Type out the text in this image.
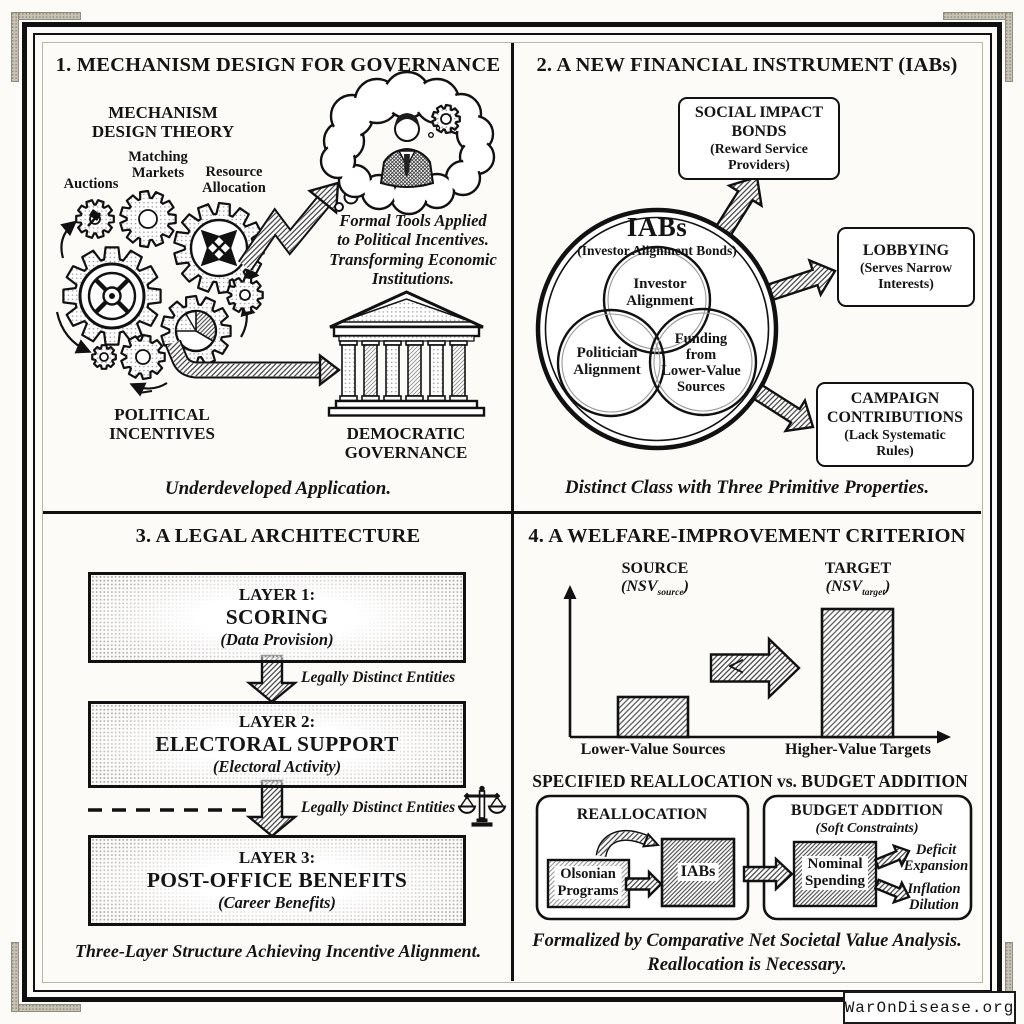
1. MECHANISM DESIGN FOR GOVERNANCE
MECHANISM
DESIGN THEORY
Matching
Markets
Auctions
Resource
Allocation
Formal Tools Applied
to Political Incentives.
Transforming Economic
Institutions.
POLITICAL
INCENTIVES	DEMOCRATIC
GOVERNANCE
Underdeveloped Application.
2. A NEW FINANCIAL INSTRUMENT (IABs)
SOCIAL IMPACT
BONDS
(Reward Service
Providers)
IABs
(Investor Alignment Bonds)
Investor
Alignment
Politician
Alignment
Funding
from
Lower-Value
Sources
LOBBYING
(Serves Narrow
Interests)
CAMPAIGN
CONTRIBUTIONS
(Lack Systematic
Rules)
Distinct Class with Three Primitive Properties.
3. A LEGAL ARCHITECTURE
LAYER 1:
SCORING
(Data Provision)
Legally Distinct Entities
LAYER 2:
ELECTORAL SUPPORT
(Electoral Activity)
Legally Distinct Entities
LAYER 3:
POST-OFFICE BENEFITS
(Career Benefits)
Three-Layer Structure Achieving Incentive Alignment.
4. A WELFARE-IMPROVEMENT CRITERION
SOURCE
$(NSV_{source})$
TARGET
$(NSV_{target})$
<
Lower-Value Sources	Higher-Value Targets
SPECIFIED REALLOCATION vs. BUDGET ADDITION
REALLOCATION
Olsonian
Programs
IABs
BUDGET ADDITION
(Soft Constraints)
Nominal
Spending
Deficit
Expansion
Inflation
Dilution
Formalized by Comparative Net Societal Value Analysis.
Reallocation is Necessary.
WarOnDisease.org
